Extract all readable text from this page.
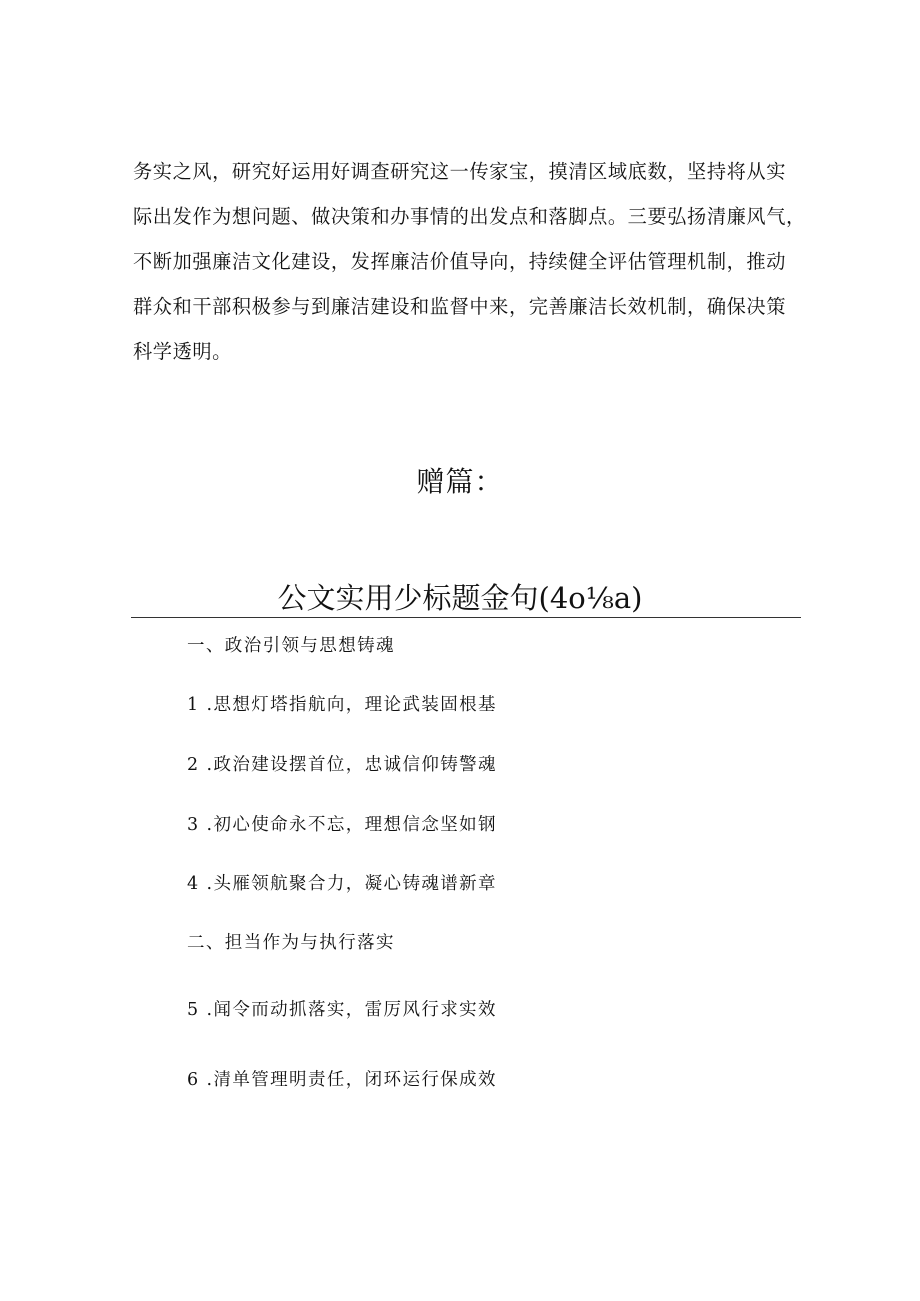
务实之风，研究好运用好调查研究这一传家宝，摸清区域底数，坚持将从实
际出发作为想问题、做决策和办事情的出发点和落脚点。三要弘扬清廉风气，
不断加强廉洁文化建设，发挥廉洁价值导向，持续健全评估管理机制，推动
群众和干部积极参与到廉洁建设和监督中来，完善廉洁长效机制，确保决策
科学透明。
赠篇：
公文实用少标题金句(4o⅛a)
一、政治引领与思想铸魂
1 .思想灯塔指航向，理论武装固根基
2 .政治建设摆首位，忠诚信仰铸警魂
3 .初心使命永不忘，理想信念坚如钢
4 .头雁领航聚合力，凝心铸魂谱新章
二、担当作为与执行落实
5 .闻令而动抓落实，雷厉风行求实效
6 .清单管理明责任，闭环运行保成效
